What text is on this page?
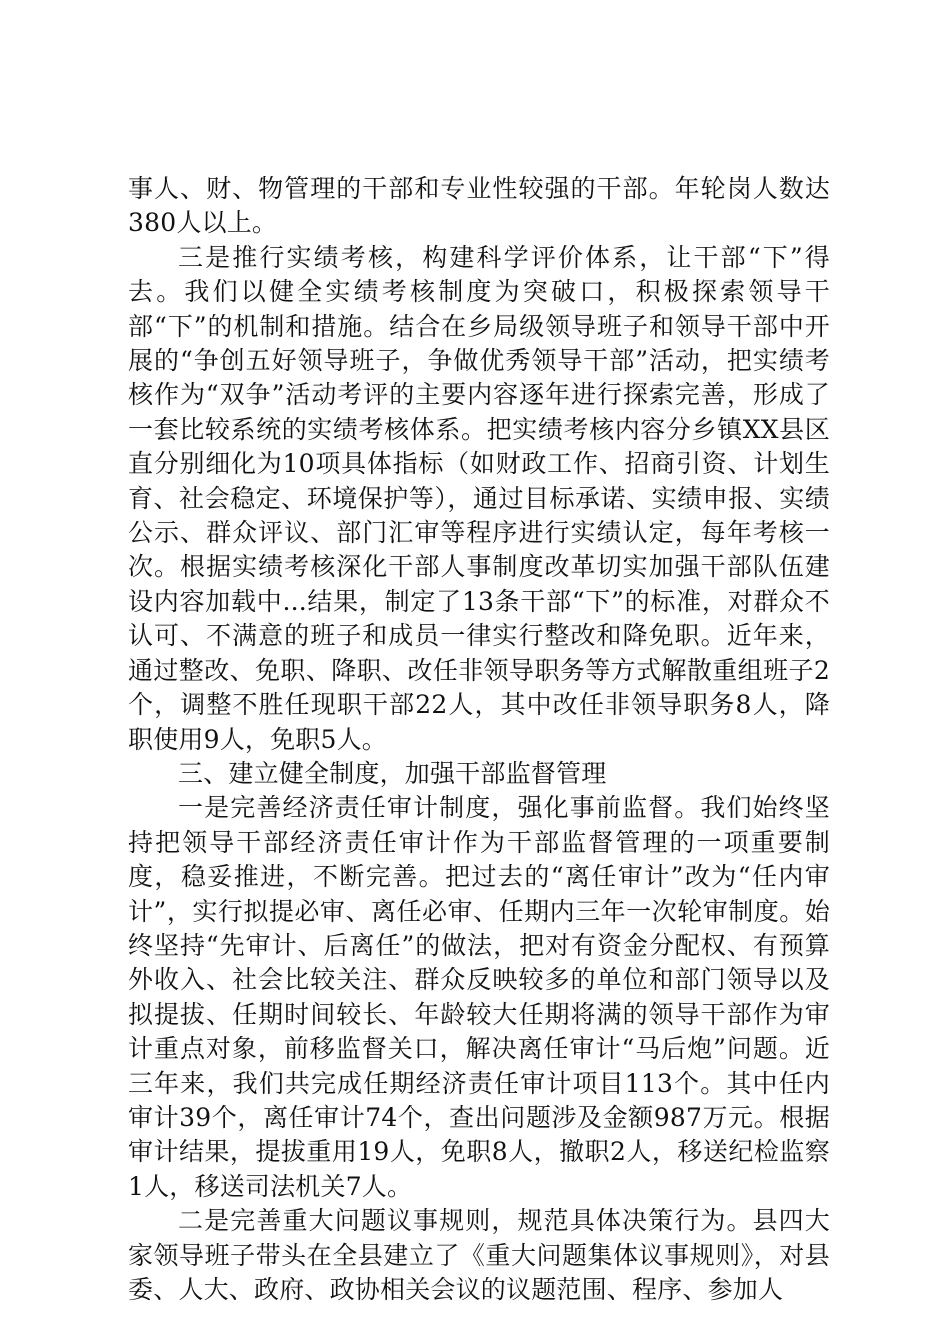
事人、财、物管理的干部和专业性较强的干部。年轮岗人数达380人以上。

三是推行实绩考核，构建科学评价体系，让干部“下”得去。我们以健全实绩考核制度为突破口，积极探索领导干部“下”的机制和措施。结合在乡局级领导班子和领导干部中开展的“争创五好领导班子，争做优秀领导干部”活动，把实绩考核作为“双争”活动考评的主要内容逐年进行探索完善，形成了一套比较系统的实绩考核体系。把实绩考核内容分乡镇XX县区直分别细化为10项具体指标（如财政工作、招商引资、计划生育、社会稳定、环境保护等），通过目标承诺、实绩申报、实绩公示、群众评议、部门汇审等程序进行实绩认定，每年考核一次。根据实绩考核深化干部人事制度改革切实加强干部队伍建设内容加载中...结果，制定了13条干部“下”的标准，对群众不认可、不满意的班子和成员一律实行整改和降免职。近年来，通过整改、免职、降职、改任非领导职务等方式解散重组班子2个，调整不胜任现职干部22人，其中改任非领导职务8人，降职使用9人，免职5人。

三、建立健全制度，加强干部监督管理

一是完善经济责任审计制度，强化事前监督。我们始终坚持把领导干部经济责任审计作为干部监督管理的一项重要制度，稳妥推进，不断完善。把过去的“离任审计”改为“任内审计”，实行拟提必审、离任必审、任期内三年一次轮审制度。始终坚持“先审计、后离任”的做法，把对有资金分配权、有预算外收入、社会比较关注、群众反映较多的单位和部门领导以及拟提拔、任期时间较长、年龄较大任期将满的领导干部作为审计重点对象，前移监督关口，解决离任审计“马后炮”问题。近三年来，我们共完成任期经济责任审计项目113个。其中任内审计39个，离任审计74个，查出问题涉及金额987万元。根据审计结果，提拔重用19人，免职8人，撤职2人，移送纪检监察1人，移送司法机关7人。

二是完善重大问题议事规则，规范具体决策行为。县四大家领导班子带头在全县建立了《重大问题集体议事规则》，对县委、人大、政府、政协相关会议的议题范围、程序、参加人
